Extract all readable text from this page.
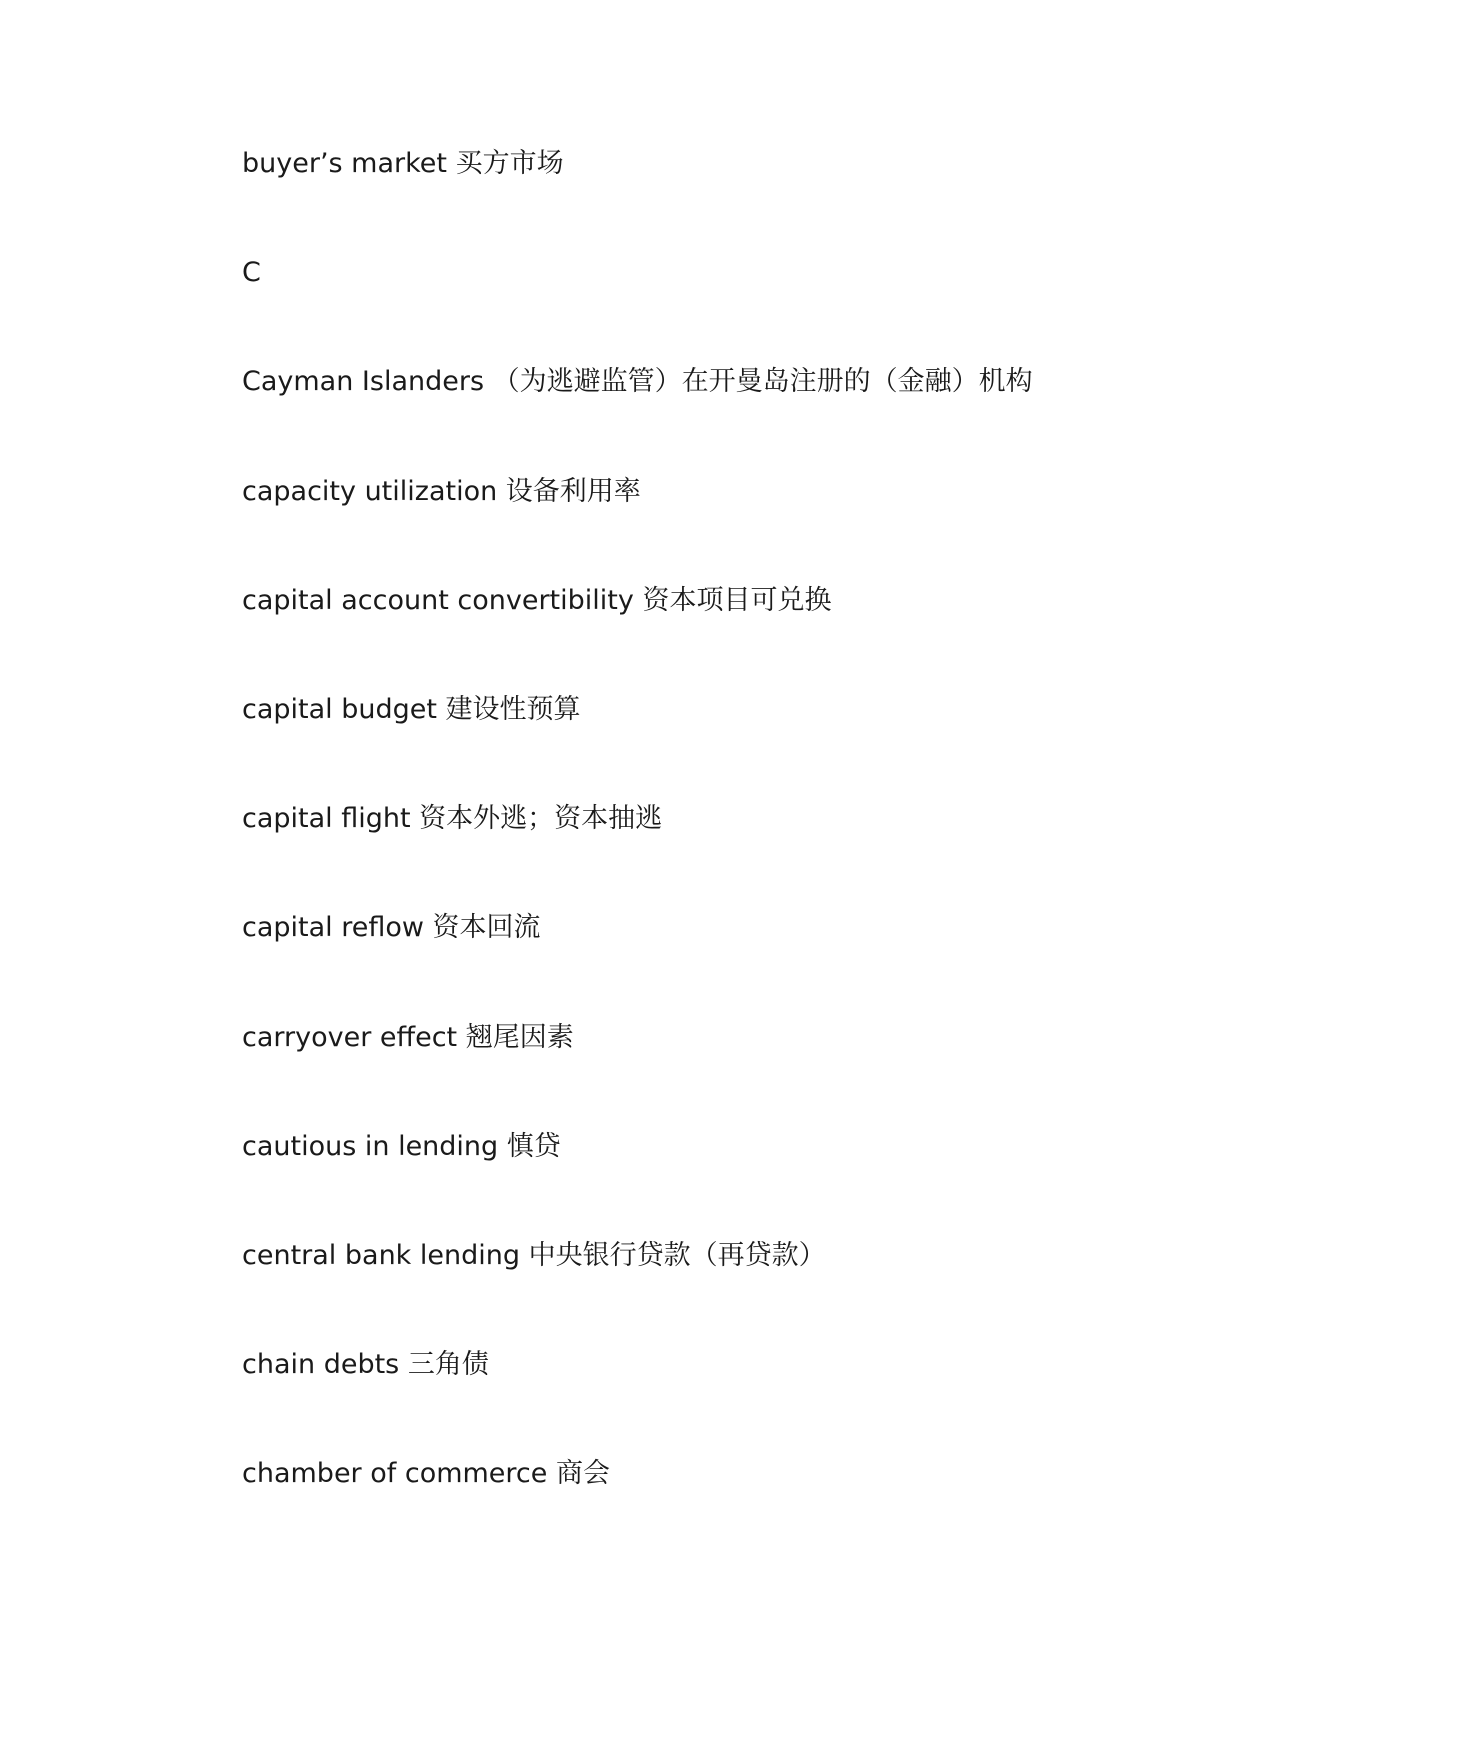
buyer’s market 买方市场
C
Cayman Islanders （为逃避监管）在开曼岛注册的（金融）机构
capacity utilization 设备利用率
capital account convertibility 资本项目可兑换
capital budget 建设性预算
capital flight 资本外逃；资本抽逃
capital reflow 资本回流
carryover effect 翘尾因素
cautious in lending 慎贷
central bank lending 中央银行贷款（再贷款）
chain debts 三角债
chamber of commerce 商会
